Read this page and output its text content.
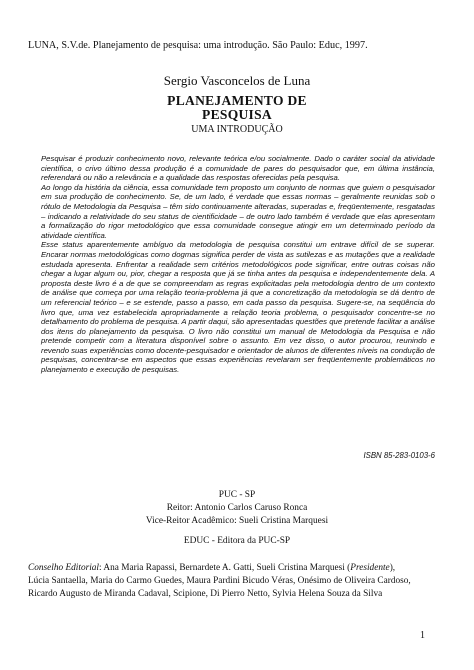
LUNA, S.V.de. Planejamento de pesquisa: uma introdução. São Paulo: Educ, 1997.
Sergio Vasconcelos de Luna
PLANEJAMENTO DE
PESQUISA
UMA INTRODUÇÃO

Pesquisar é produzir conhecimento novo, relevante teórica e/ou socialmente. Dado o caráter social da atividade científica, o crivo último dessa produção é a comunidade de pares do pesquisador que, em última instância, referendará ou não a relevância e a qualidade das respostas oferecidas pela pesquisa.

Ao longo da história da ciência, essa comunidade tem proposto um conjunto de normas que guiem o pesquisador em sua produção de conhecimento. Se, de um lado, é verdade que essas normas – geralmente reunidas sob o rótulo de Metodologia da Pesquisa – têm sido continuamente alteradas, superadas e, freqüentemente, resgatadas – indicando a relatividade do seu status de cientificidade – de outro lado também é verdade que elas apresentam a formalização do rigor metodológico que essa comunidade consegue atingir em um determinado período da atividade científica.

Esse status aparentemente ambíguo da metodologia de pesquisa constitui um entrave difícil de se superar. Encarar normas metodológicas como dogmas significa perder de vista as sutilezas e as mutações que a realidade estudada apresenta. Enfrentar a realidade sem critérios metodológicos pode significar, entre outras coisas não chegar a lugar algum ou, pior, chegar a resposta que já se tinha antes da pesquisa e independentemente dela. A proposta deste livro é a de que se compreendam as regras explicitadas pela metodologia dentro de um contexto de análise que começa por uma relação teoria-problema já que a concretização da metodologia se dá dentro de um referencial teórico – e se estende, passo a passo, em cada passo da pesquisa. Sugere-se, na seqüência do livro que, uma vez estabelecida apropriadamente a relação teoria problema, o pesquisador concentre-se no detalhamento do problema de pesquisa. A partir daqui, são apresentadas questões que pretende facilitar a análise dos itens do planejamento da pesquisa. O livro não constitui um manual de Metodologia da Pesquisa e não pretende competir com a literatura disponível sobre o assunto. Em vez disso, o autor procurou, reunindo e revendo suas experiências como docente-pesquisador e orientador de alunos de diferentes níveis na condução de pesquisas, concentrar-se em aspectos que essas experiências revelaram ser freqüentemente problemáticos no planejamento e execução de pesquisas.

ISBN 85-283-0103-6
PUC - SP
Reitor: Antonio Carlos Caruso Ronca
Vice-Reitor Acadêmico: Sueli Cristina Marquesi
EDUC - Editora da PUC-SP

Conselho Editorial: Ana Maria Rapassi, Bernardete A. Gatti, Sueli Cristina Marquesi (Presidente),

Lúcia Santaella, Maria do Carmo Guedes, Maura Pardini Bicudo Véras, Onésimo de Oliveira Cardoso,

Ricardo Augusto de Miranda Cadaval, Scipione, Di Pierro Netto, Sylvia Helena Souza da Silva

1
